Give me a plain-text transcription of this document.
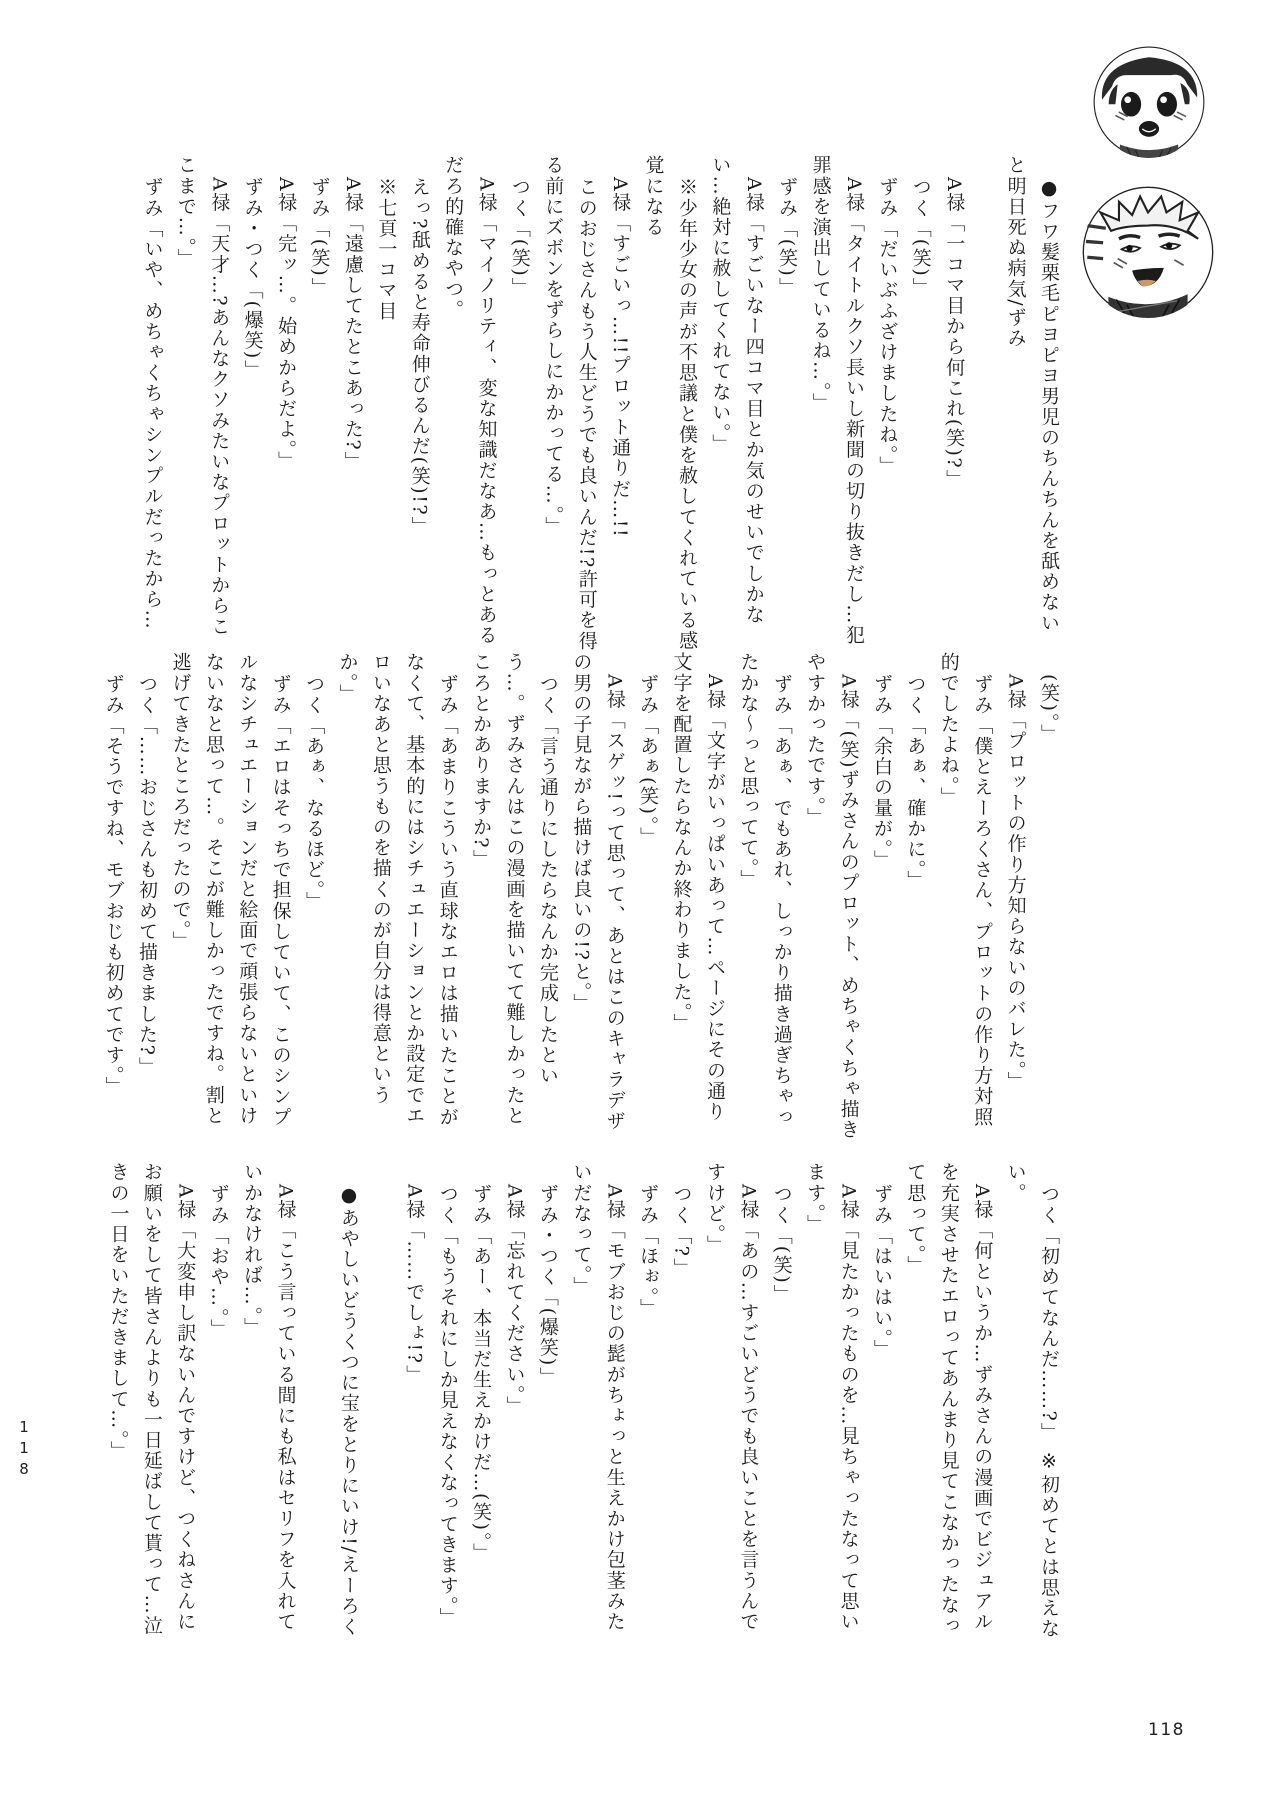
●フワ髪栗毛ピヨピヨ男児のちんちんを舐めないと明日死ぬ病気/ずみ

A禄「一コマ目から何これ(笑)?」

つく「(笑)」

ずみ「だいぶふざけましたね。」

A禄「タイトルクソ長いし新聞の切り抜きだし…犯罪感を演出しているね…。」

ずみ「(笑)」

A禄「すごいなー四コマ目とか気のせいでしかない…絶対に赦してくれてない。」

※少年少女の声が不思議と僕を赦してくれている感覚になる

A禄「すごいっ…!!プロット通りだ…!!

このおじさんもう人生どうでも良いんだ!?許可を得る前にズボンをずらしにかかってる…。」

つく「(笑)」

A禄「マイノリティ、変な知識だなあ…もっとあるだろ的確なやつ。

えっ?舐めると寿命伸びるんだ(笑)!?」

※七頁一コマ目

A禄「遠慮してたとこあった?」

ずみ「(笑)」

A禄「完ッ…。始めからだよ。」

ずみ・つく「(爆笑)」

A禄「天才…?あんなクソみたいなプロットからここまで…。」

ずみ「いや、めちゃくちゃシンプルだったから…

(笑)。」

A禄「プロットの作り方知らないのバレた。」

ずみ「僕とえーろくさん、プロットの作り方対照的でしたよね。」

つく「あぁ、確かに。」

ずみ「余白の量が。」

A禄「(笑)ずみさんのプロット、めちゃくちゃ描きやすかったです。」

ずみ「あぁ、でもあれ、しっかり描き過ぎちゃったかな〜っと思ってて。」

A禄「文字がいっぱいあって…ページにその通り文字を配置したらなんか終わりました。」

ずみ「あぁ(笑)。」

A禄「スゲッ!って思って、あとはこのキャラデザの男の子見ながら描けば良いの!?と。」

つく「言う通りにしたらなんか完成したという…。ずみさんはこの漫画を描いてて難しかったところとかありますか?」

ずみ「あまりこういう直球なエロは描いたことがなくて、基本的にはシチュエーションとか設定でエロいなあと思うものを描くのが自分は得意というか。」

つく「あぁ、なるほど。」

ずみ「エロはそっちで担保していて、このシンプルなシチュエーションだと絵面で頑張らないといけないなと思って…。そこが難しかったですね。割と逃げてきたところだったので。」

つく「……おじさんも初めて描きました?」

ずみ「そうですね、モブおじも初めてです。」

つく「初めてなんだ……?」 ※初めてとは思えない。

A禄「何というか…ずみさんの漫画でビジュアルを充実させたエロってあんまり見てこなかったなって思って。」

ずみ「はいはい。」

A禄「見たかったものを…見ちゃったなって思います。」

つく「(笑)」

A禄「あの…すごいどうでも良いことを言うんですけど。」

つく「?」

ずみ「ほぉ。」

A禄「モブおじの髭がちょっと生えかけ包茎みたいだなって。」

ずみ・つく「(爆笑)」

A禄「忘れてください。」

ずみ「あー、本当だ生えかけだ…(笑)。」

つく「もうそれにしか見えなくなってきます。」

A禄「……でしょ!?」

●あやしいどうくつに宝をとりにいけ!/えーろく

A禄「こう言っている間にも私はセリフを入れていかなければ…。」

ずみ「おや…。」

A禄「大変申し訳ないんですけど、つくねさんにお願いをして皆さんよりも一日延ばして貰って…泣きの一日をいただきまして…。」

118
118
